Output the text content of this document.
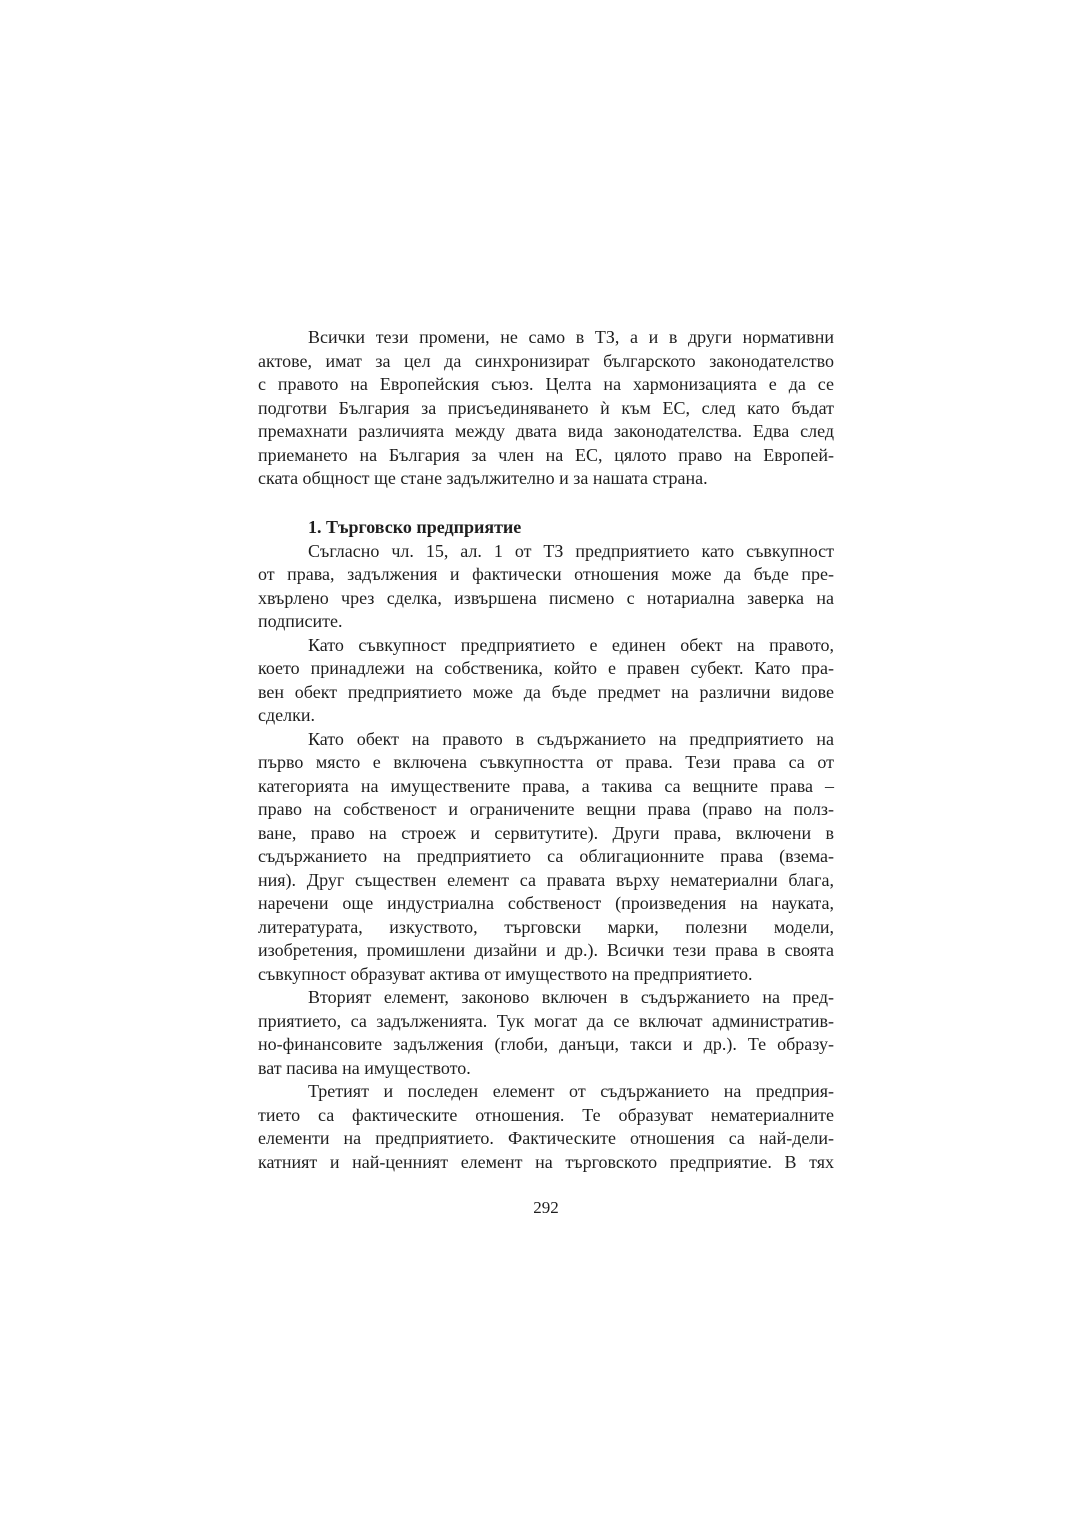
Всички тези промени, не само в ТЗ, а и в други нормативни
актове, имат за цел да синхронизират българското законодателство
с правото на Европейския съюз. Целта на хармонизацията е да се
подготви България за присъединяването ѝ към ЕС, след като бъдат
премахнати различията между двата вида законодателства. Едва след
приемането на България за член на ЕС, цялото право на Европей-
ската общност ще стане задължително и за нашата страна.
1. Търговско предприятие
Съгласно чл. 15, ал. 1 от ТЗ предприятието като съвкупност
от права, задължения и фактически отношения може да бъде пре-
хвърлено чрез сделка, извършена писмено с нотариална заверка на
подписите.
Като съвкупност предприятието е единен обект на правото,
което принадлежи на собственика, който е правен субект. Като пра-
вен обект предприятието може да бъде предмет на различни видове
сделки.
Като обект на правото в съдържанието на предприятието на
първо място е включена съвкупността от права. Тези права са от
категорията на имуществените права, а такива са вещните права –
право на собственост и ограничените вещни права (право на полз-
ване, право на строеж и сервитутите). Други права, включени в
съдържанието на предприятието са облигационните права (взема-
ния). Друг съществен елемент са правата върху нематериални блага,
наречени още индустриална собственост (произведения на науката,
литературата, изкуството, търговски марки, полезни модели,
изобретения, промишлени дизайни и др.). Всички тези права в своята
съвкупност образуват актива от имуществото на предприятието.
Вторият елемент, законово включен в съдържанието на пред-
приятието, са задълженията. Тук могат да се включат административ-
но-финансовите задължения (глоби, данъци, такси и др.). Те образу-
ват пасива на имуществото.
Третият и последен елемент от съдържанието на предприя-
тието са фактическите отношения. Те образуват нематериалните
елементи на предприятието. Фактическите отношения са най-дели-
катният и най-ценният елемент на търговското предприятие. В тях
292
